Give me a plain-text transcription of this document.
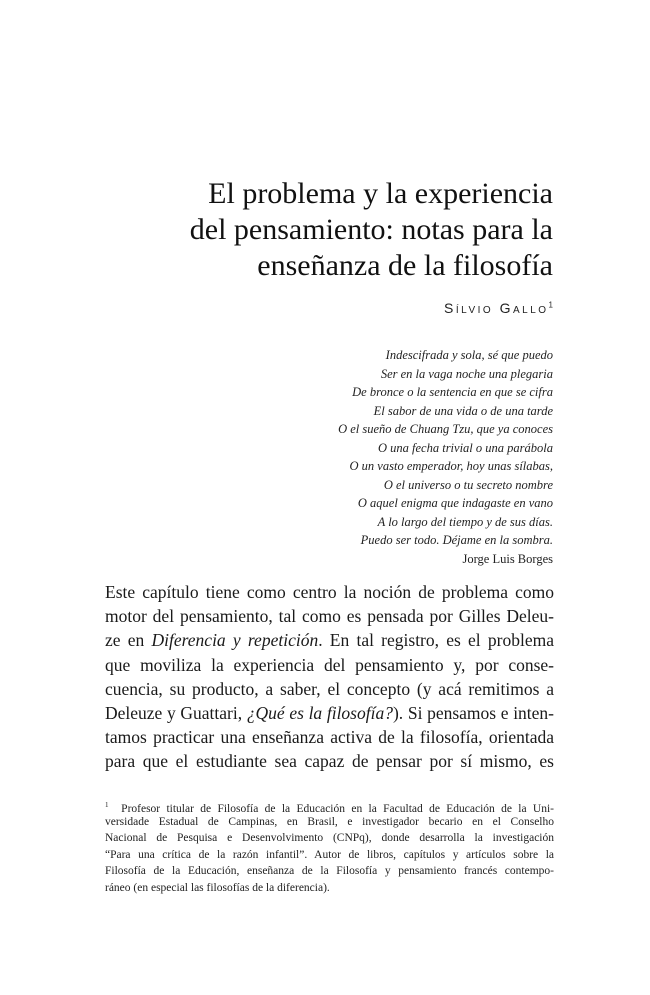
El problema y la experiencia
del pensamiento: notas para la
enseñanza de la filosofía
Sílvio Gallo$^1$
Indescifrada y sola, sé que puedo
Ser en la vaga noche una plegaria
De bronce o la sentencia en que se cifra
El sabor de una vida o de una tarde
O el sueño de Chuang Tzu, que ya conoces
O una fecha trivial o una parábola
O un vasto emperador, hoy unas sílabas,
O el universo o tu secreto nombre
O aquel enigma que indagaste en vano
A lo largo del tiempo y de sus días.
Puedo ser todo. Déjame en la sombra.
Jorge Luis Borges
Este capítulo tiene como centro la noción de problema como
motor del pensamiento, tal como es pensada por Gilles Deleu-
ze en Diferencia y repetición. En tal registro, es el problema
que moviliza la experiencia del pensamiento y, por conse-
cuencia, su producto, a saber, el concepto (y acá remitimos a
Deleuze y Guattari, ¿Qué es la filosofía?). Si pensamos e inten-
tamos practicar una enseñanza activa de la filosofía, orientada
para que el estudiante sea capaz de pensar por sí mismo, es
$^1$ Profesor titular de Filosofía de la Educación en la Facultad de Educación de la Uni-
versidade Estadual de Campinas, en Brasil, e investigador becario en el Conselho
Nacional de Pesquisa e Desenvolvimento (CNPq), donde desarrolla la investigación
“Para una crítica de la razón infantil”. Autor de libros, capítulos y artículos sobre la
Filosofía de la Educación, enseñanza de la Filosofía y pensamiento francés contempo-
ráneo (en especial las filosofías de la diferencia).
